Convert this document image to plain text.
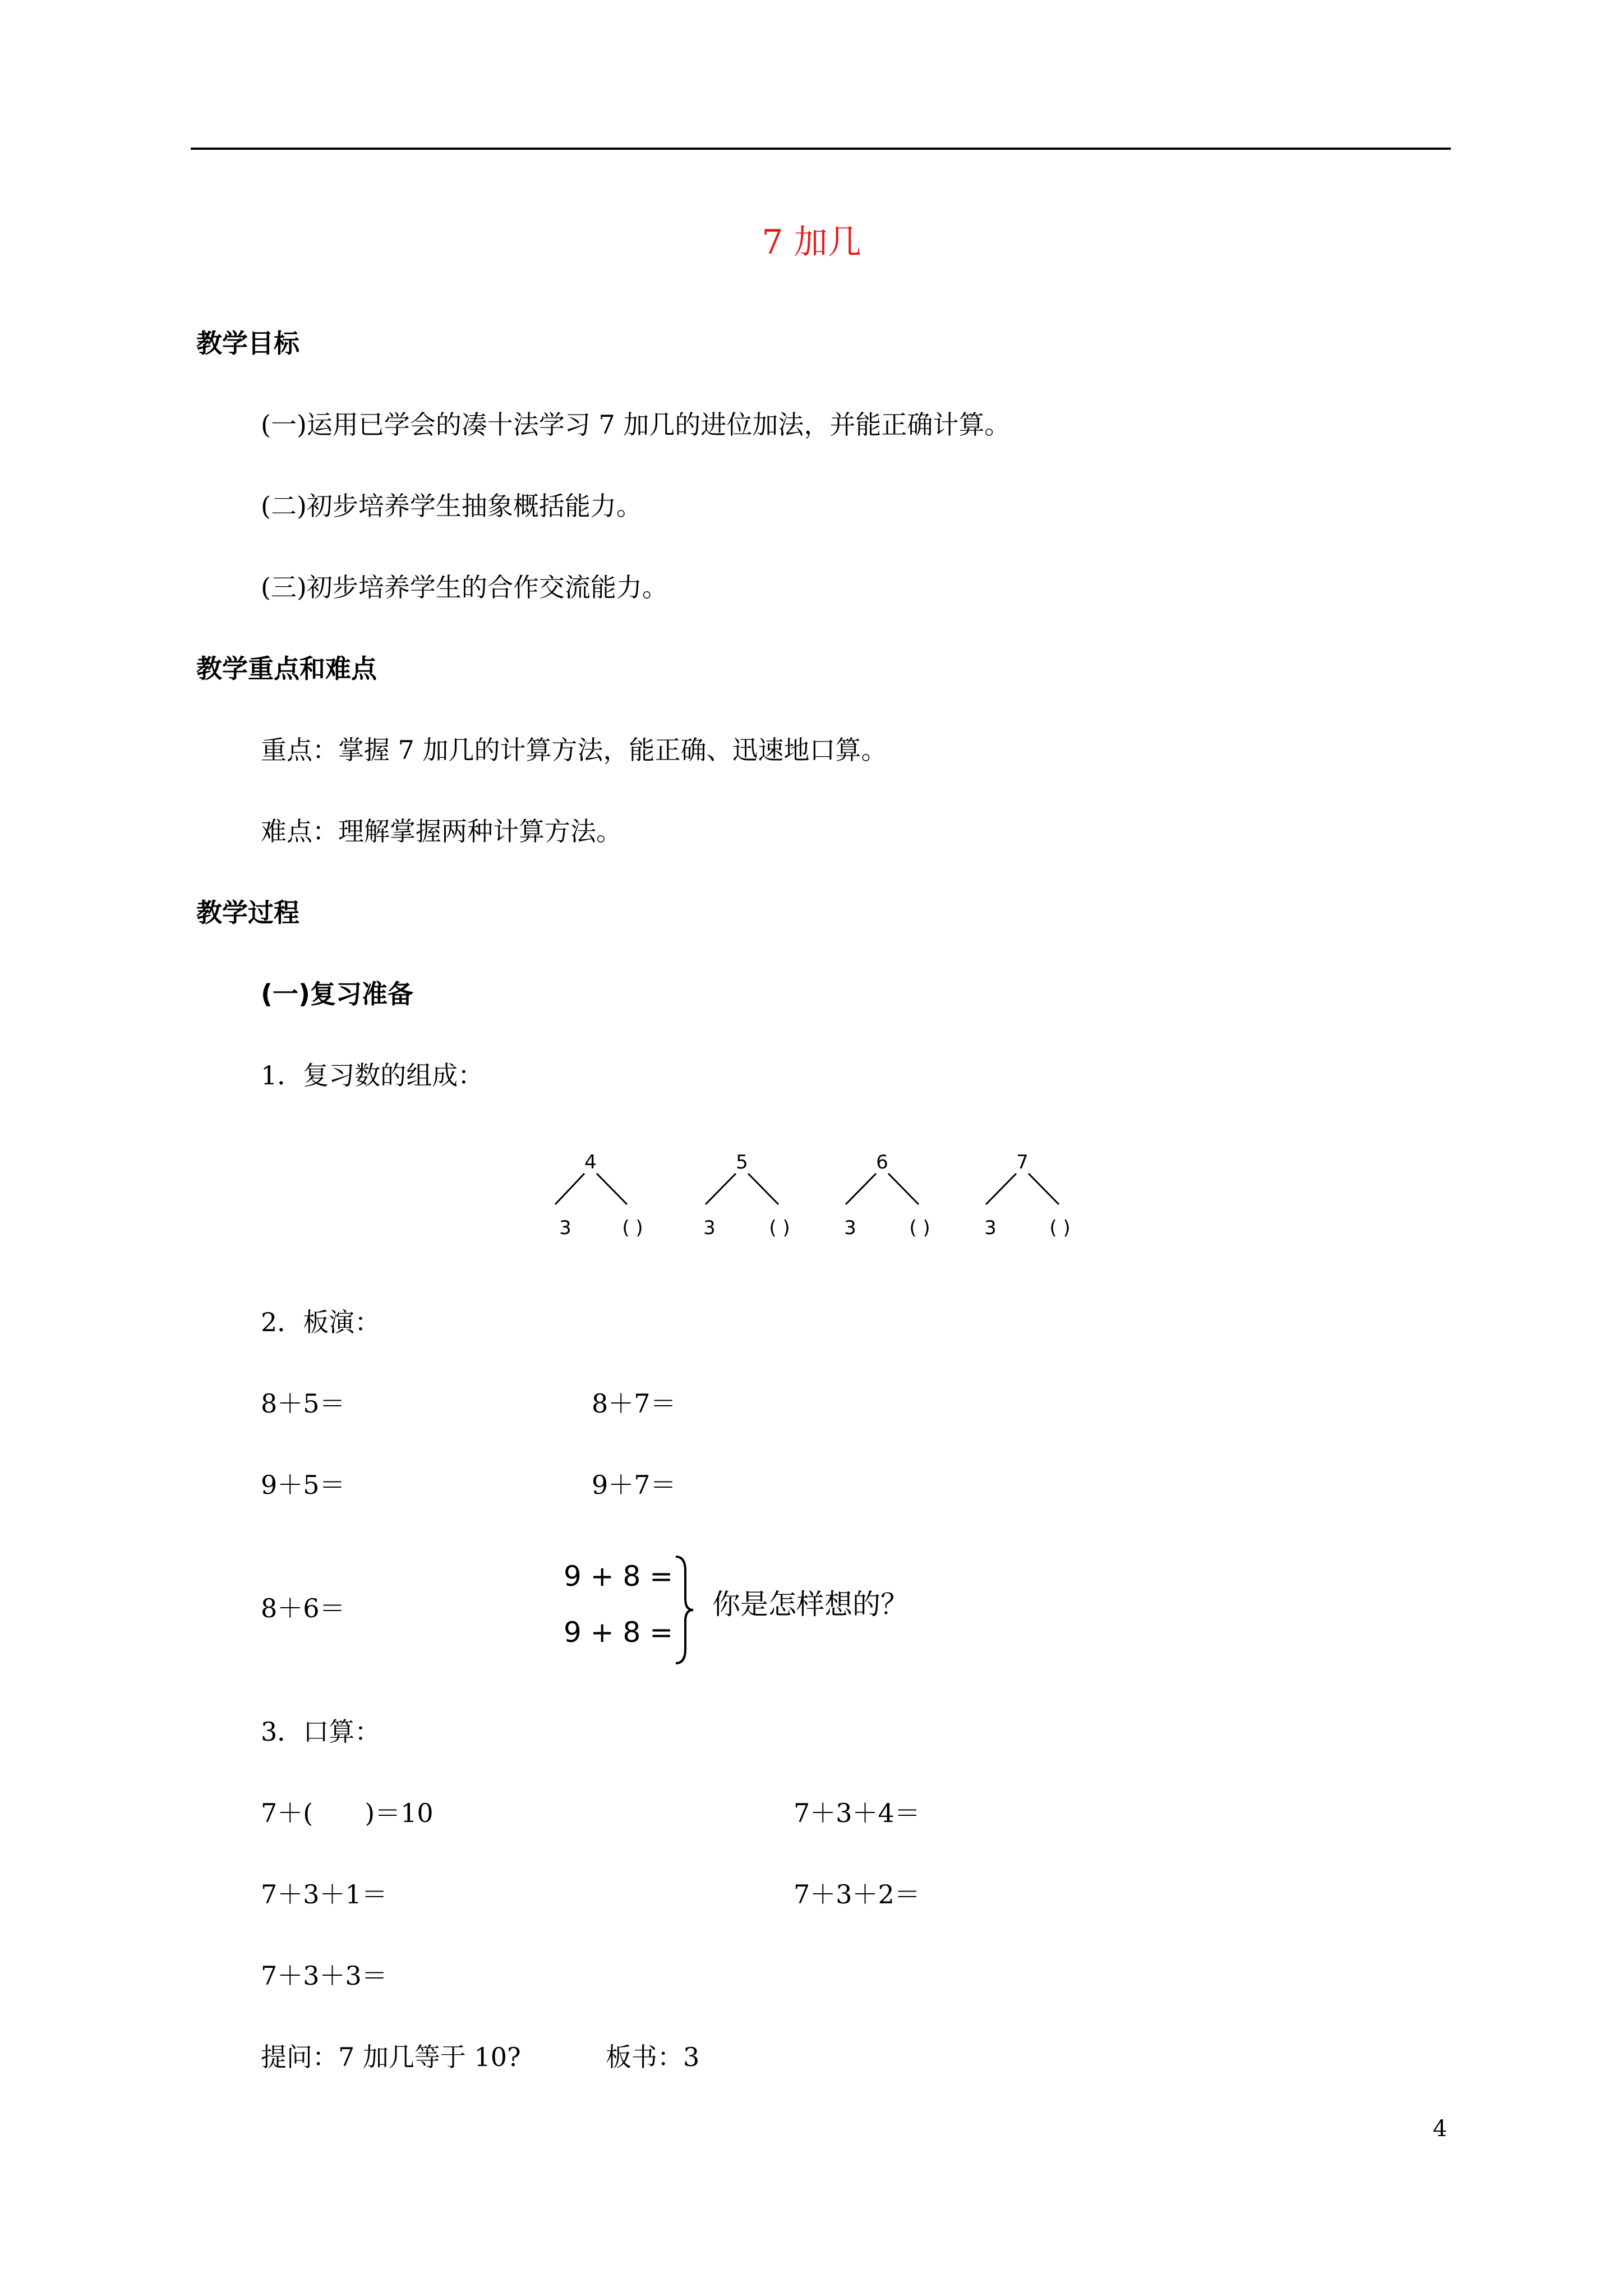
7 加几
教学目标
(一)运用已学会的凑十法学习 7 加几的进位加法，并能正确计算。
(二)初步培养学生抽象概括能力。
(三)初步培养学生的合作交流能力。
教学重点和难点
重点：掌握 7 加几的计算方法，能正确、迅速地口算。
难点：理解掌握两种计算方法。
教学过程
(一)复习准备
1．复习数的组成：
4
3	( )
5
3	( )
6
3	( )
7
3	( )
2．板演：
8＋5＝	8＋7＝
9＋5＝	9＋7＝
8＋6＝
9 + 8 =
9 + 8 =
你是怎样想的？
3．口算：
7＋(　　)＝10	7＋3＋4＝
7＋3＋1＝	7＋3＋2＝
7＋3＋3＝
提问：7 加几等于 10?	板书：3
4
